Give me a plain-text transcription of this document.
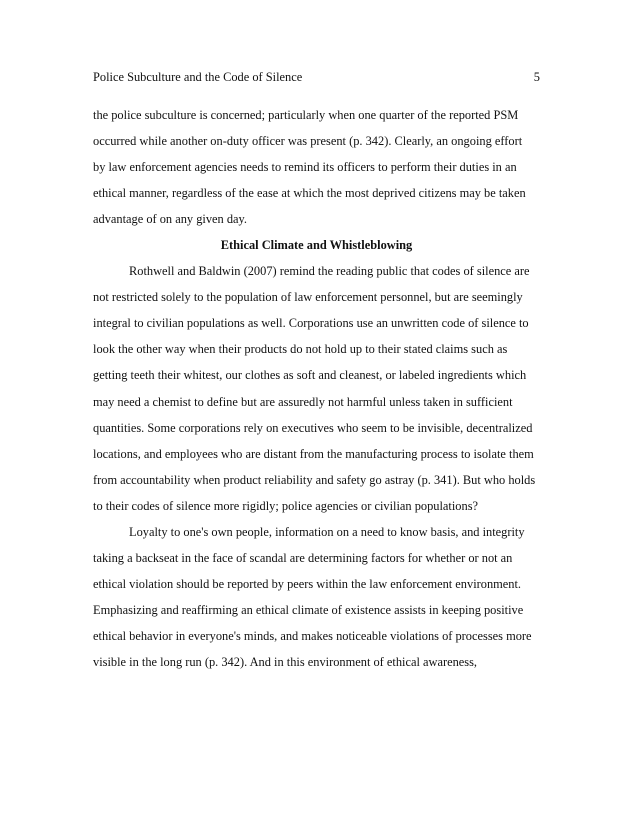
Police Subculture and the Code of Silence	5
the police subculture is concerned; particularly when one quarter of the reported PSM
occurred while another on-duty officer was present (p. 342). Clearly, an ongoing effort
by law enforcement agencies needs to remind its officers to perform their duties in an
ethical manner, regardless of the ease at which the most deprived citizens may be taken
advantage of on any given day.
Ethical Climate and Whistleblowing
Rothwell and Baldwin (2007) remind the reading public that codes of silence are
not restricted solely to the population of law enforcement personnel, but are seemingly
integral to civilian populations as well. Corporations use an unwritten code of silence to
look the other way when their products do not hold up to their stated claims such as
getting teeth their whitest, our clothes as soft and cleanest, or labeled ingredients which
may need a chemist to define but are assuredly not harmful unless taken in sufficient
quantities. Some corporations rely on executives who seem to be invisible, decentralized
locations, and employees who are distant from the manufacturing process to isolate them
from accountability when product reliability and safety go astray (p. 341). But who holds
to their codes of silence more rigidly; police agencies or civilian populations?
Loyalty to one's own people, information on a need to know basis, and integrity
taking a backseat in the face of scandal are determining factors for whether or not an
ethical violation should be reported by peers within the law enforcement environment.
Emphasizing and reaffirming an ethical climate of existence assists in keeping positive
ethical behavior in everyone's minds, and makes noticeable violations of processes more
visible in the long run (p. 342). And in this environment of ethical awareness,
